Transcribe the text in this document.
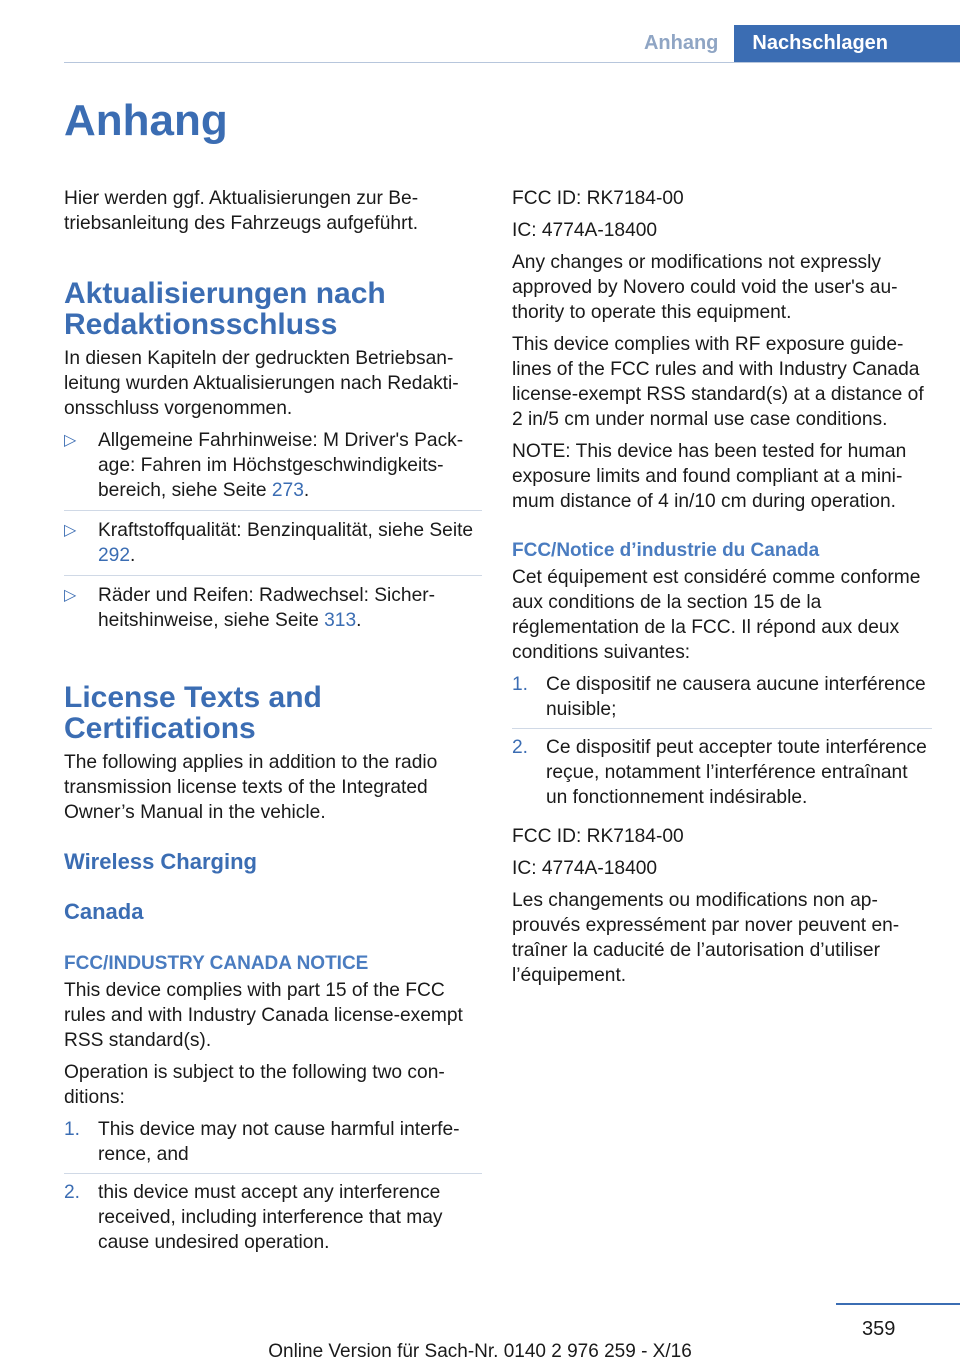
Anhang	Nachschlagen
Anhang

Hier werden ggf. Aktualisierungen zur Betriebsanleitung des Fahrzeugs aufgeführt.

Aktualisierungen nach Redaktionsschluss

In diesen Kapiteln der gedruckten Betriebsanleitung wurden Aktualisierungen nach Redaktionsschluss vorgenommen.

▷ Allgemeine Fahrhinweise: M Driver's Package: Fahren im Höchstgeschwindigkeitsbereich, siehe Seite 273.
▷ Kraftstoffqualität: Benzinqualität, siehe Seite 292.
▷ Räder und Reifen: Radwechsel: Sicherheitshinweise, siehe Seite 313.
License Texts and Certifications

The following applies in addition to the radio transmission license texts of the Integrated Owner’s Manual in the vehicle.

Wireless Charging
Canada
FCC/INDUSTRY CANADA NOTICE

This device complies with part 15 of the FCC rules and with Industry Canada license-exempt RSS standard(s).

Operation is subject to the following two conditions:

1. This device may not cause harmful interference, and
2. this device must accept any interference received, including interference that may cause undesired operation.

FCC ID: RK7184-00

IC: 4774A-18400

Any changes or modifications not expressly approved by Novero could void the user's authority to operate this equipment.

This device complies with RF exposure guidelines of the FCC rules and with Industry Canada license-exempt RSS standard(s) at a distance of 2 in/5 cm under normal use case conditions.

NOTE: This device has been tested for human exposure limits and found compliant at a minimum distance of 4 in/10 cm during operation.

FCC/Notice d’industrie du Canada

Cet équipement est considéré comme conforme aux conditions de la section 15 de la réglementation de la FCC. Il répond aux deux conditions suivantes:

1. Ce dispositif ne causera aucune interférence nuisible;
2. Ce dispositif peut accepter toute interférence reçue, notamment l’interférence entraînant un fonctionnement indésirable.

FCC ID: RK7184-00

IC: 4774A-18400

Les changements ou modifications non approuvés expressément par nover peuvent entraîner la caducité de l’autorisation d’utiliser l’équipement.

359
Online Version für Sach-Nr. 0140 2 976 259 - X/16
